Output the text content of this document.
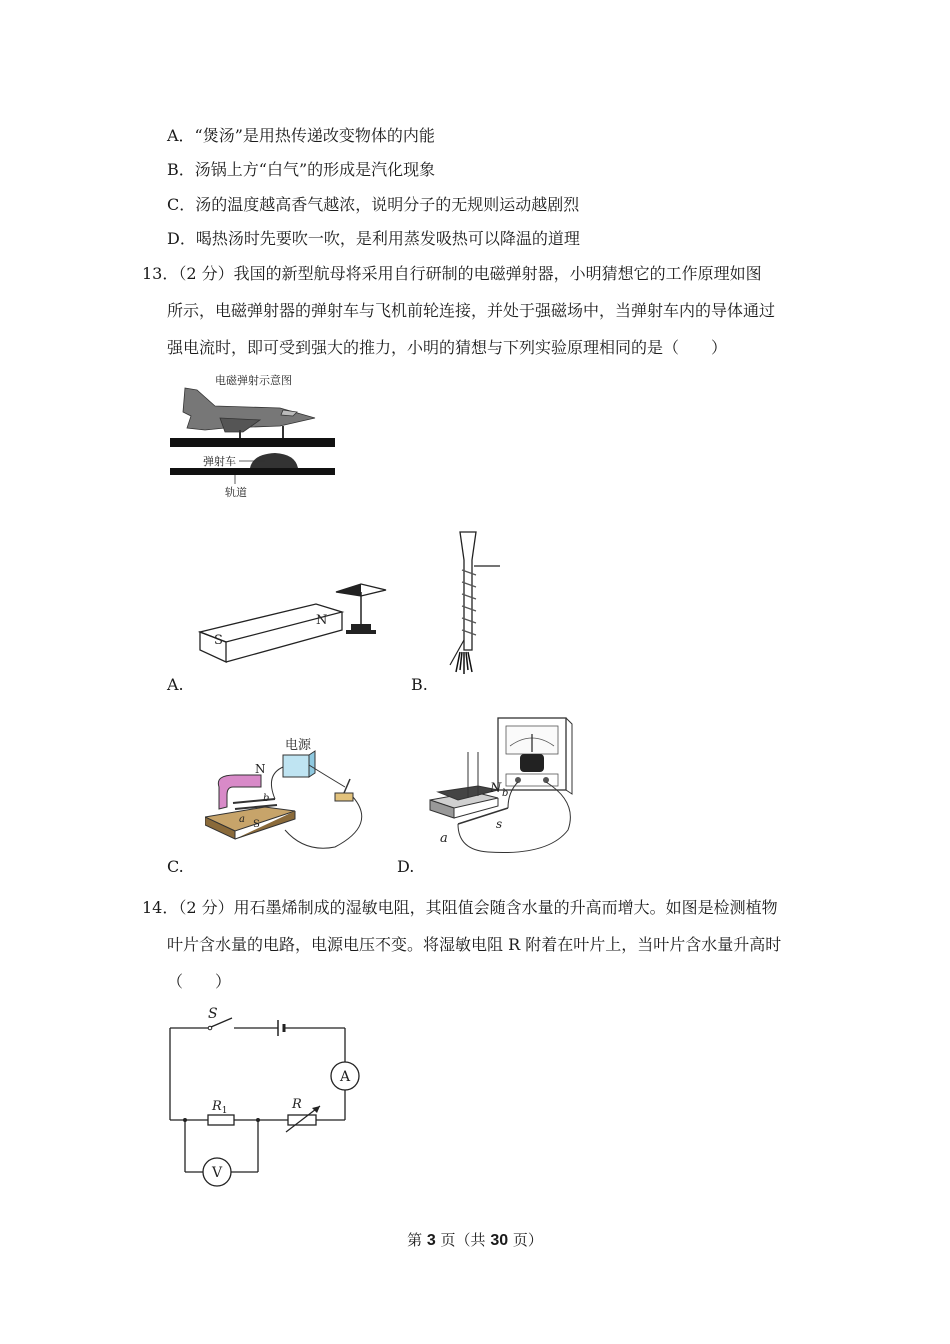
A．“煲汤”是用热传递改变物体的内能
B．汤锅上方“白气”的形成是汽化现象
C．汤的温度越高香气越浓，说明分子的无规则运动越剧烈
D．喝热汤时先要吹一吹，是利用蒸发吸热可以降温的道理
13．（2 分）我国的新型航母将采用自行研制的电磁弹射器，小明猜想它的工作原理如图
所示，电磁弹射器的弹射车与飞机前轮连接，并处于强磁场中，当弹射车内的导体通过
强电流时，即可受到强大的推力，小明的猜想与下列实验原理相同的是（　　）
电磁弹射示意图
弹射车
轨道
S
N
A.	B.
电源
N
b
a S
C.
N b
s
a
D.
14．（2 分）用石墨烯制成的湿敏电阻，其阻值会随含水量的升高而增大。如图是检测植物
叶片含水量的电路，电源电压不变。将湿敏电阻 R 附着在叶片上，当叶片含水量升高时
（　　）
S
A
$R_1$	R
V
第 3 页（共 30 页）
